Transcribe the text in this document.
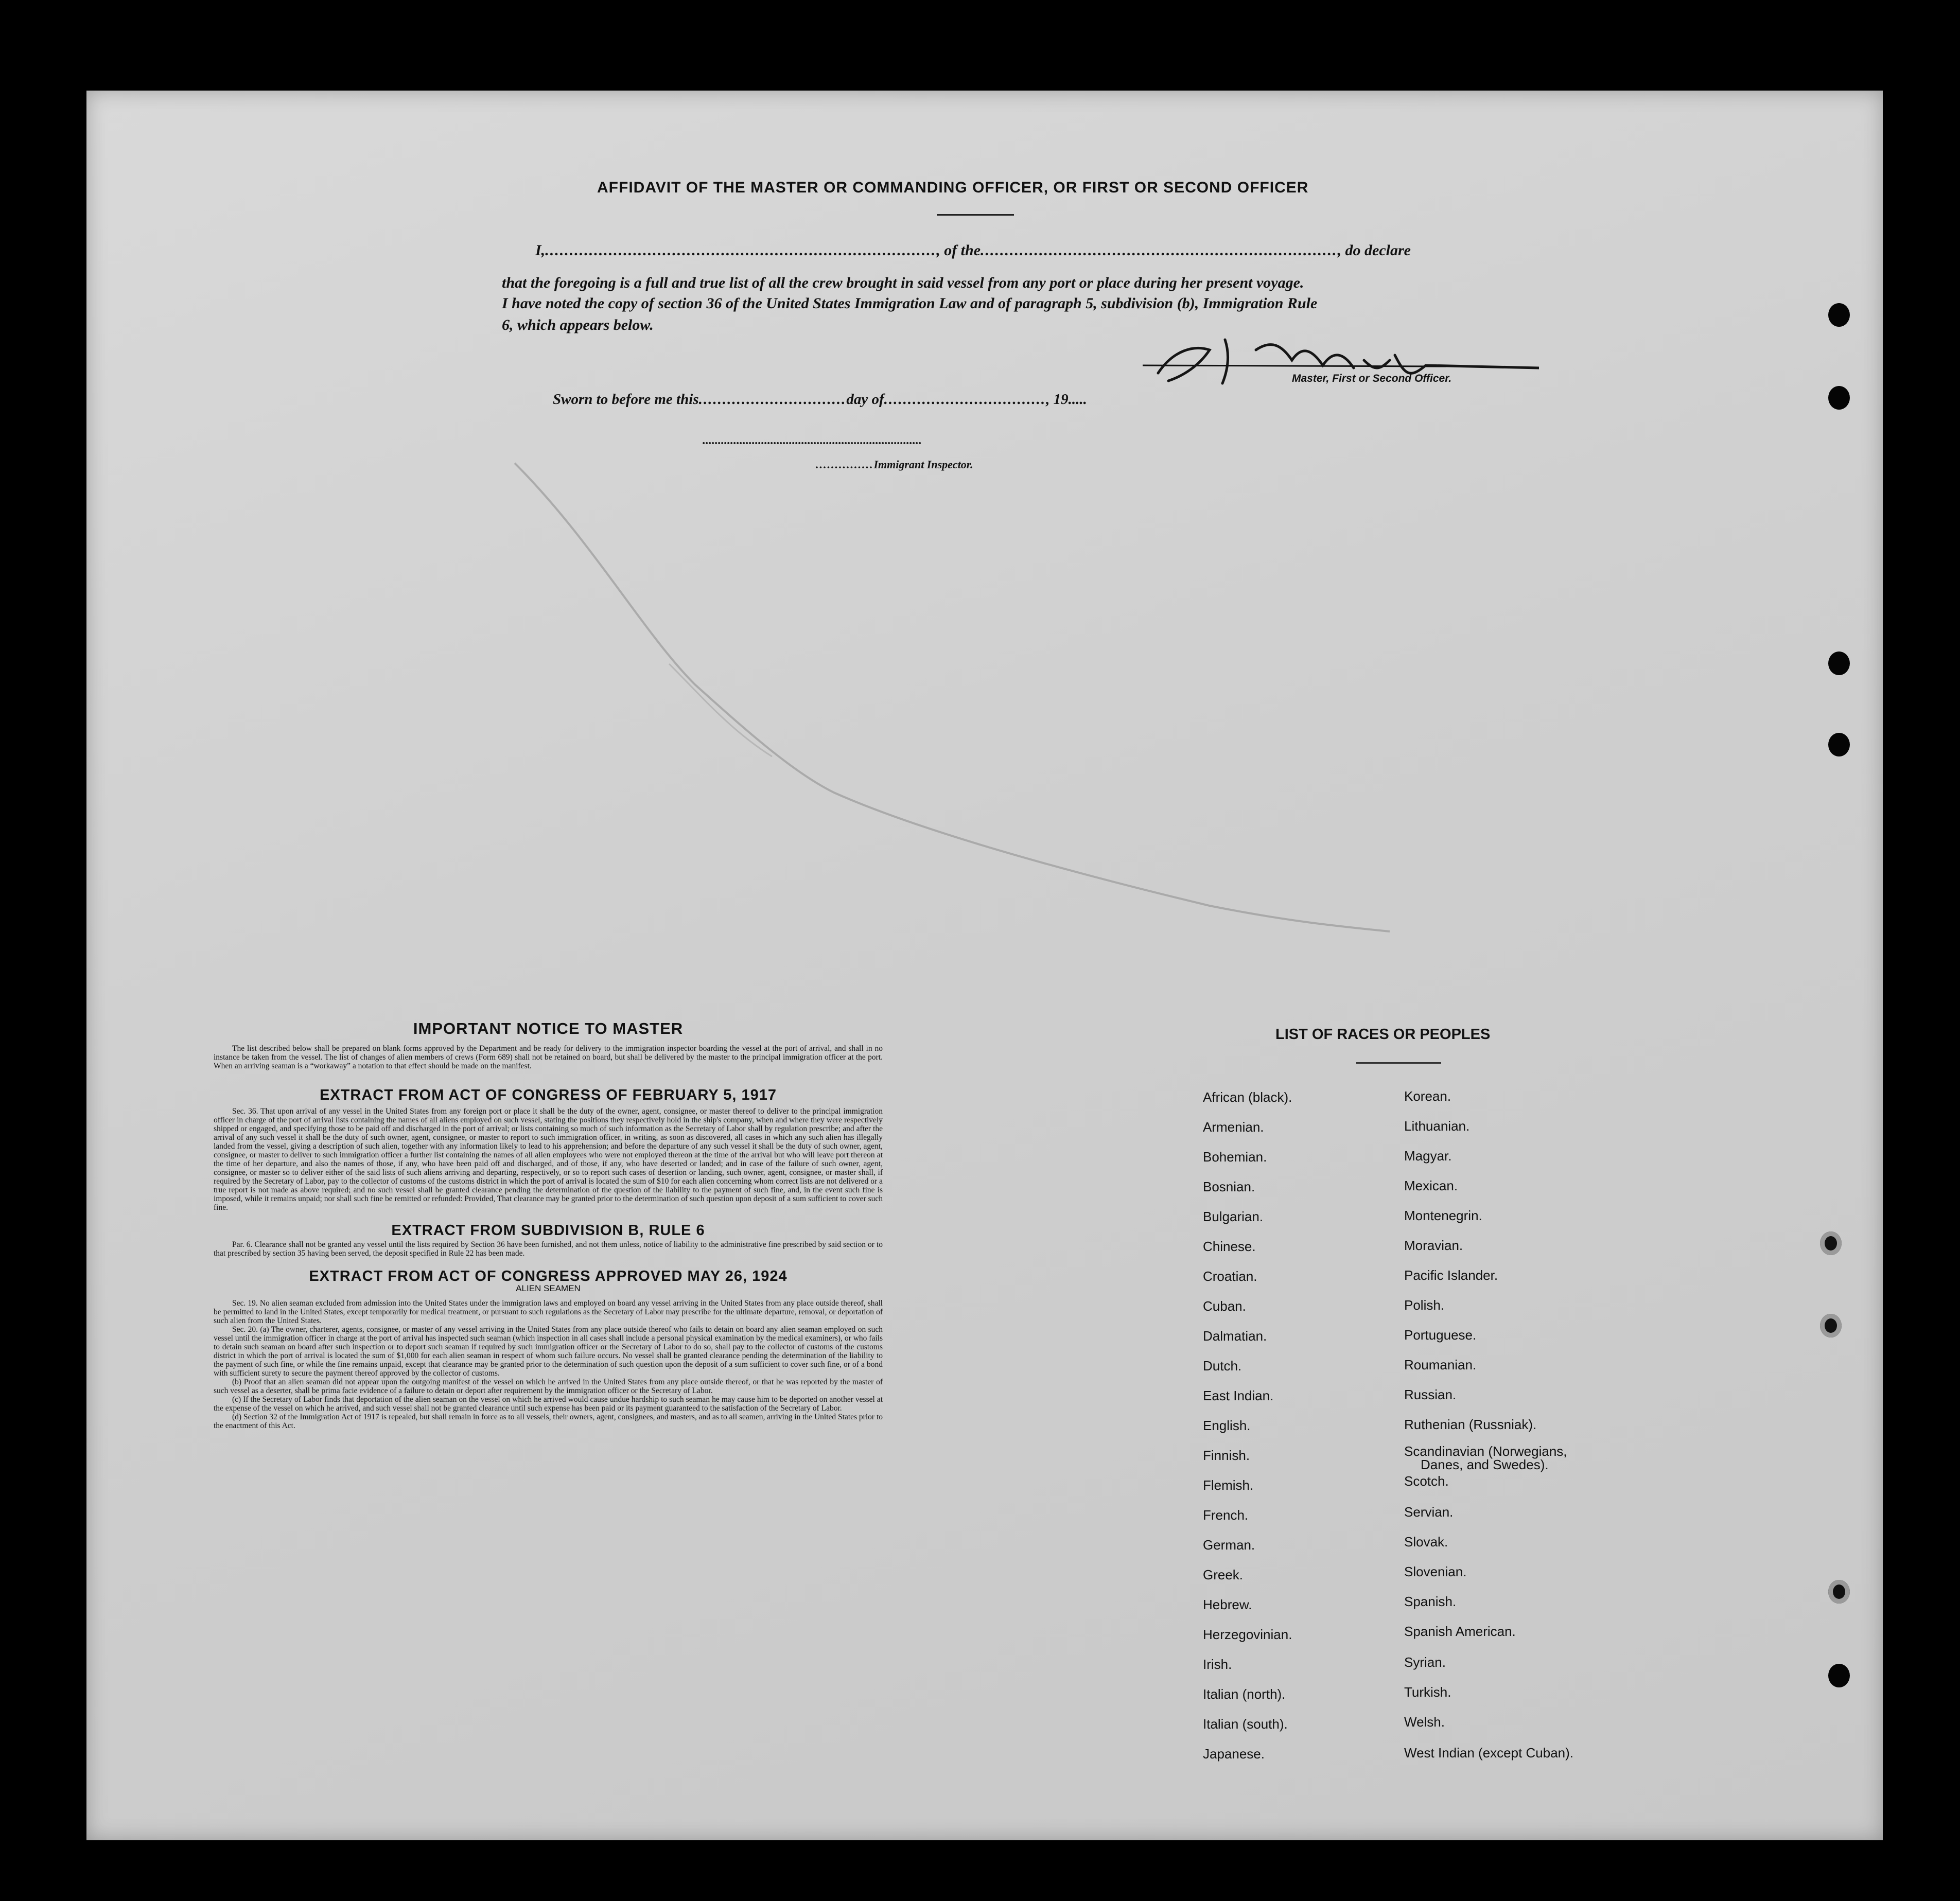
AFFIDAVIT OF THE MASTER OR COMMANDING OFFICER, OR FIRST OR SECOND OFFICER
I,................................................................................, of the........................................................................., do declare
that the foregoing is a full and true list of all the crew brought in said vessel from any port or place during her present voyage.
I have noted the copy of section 36 of the United States Immigration Law and of paragraph 5, subdivision (b), Immigration Rule
6, which appears below.
Master, First or Second Officer.
Sworn to before me this...............................day of.................................., 19.....
.......................................................................
...............Immigrant Inspector.
IMPORTANT NOTICE TO MASTER

The list described below shall be prepared on blank forms approved by the Department and be ready for delivery to the immigration inspector boarding the vessel at the port of arrival, and shall in no instance be taken from the vessel. The list of changes of alien members of crews (Form 689) shall not be retained on board, but shall be delivered by the master to the principal immigration officer at the port. When an arriving seaman is a “workaway” a notation to that effect should be made on the manifest.

EXTRACT FROM ACT OF CONGRESS OF FEBRUARY 5, 1917

Sec. 36. That upon arrival of any vessel in the United States from any foreign port or place it shall be the duty of the owner, agent, consignee, or master thereof to deliver to the principal immigration officer in charge of the port of arrival lists containing the names of all aliens employed on such vessel, stating the positions they respectively hold in the ship's company, when and where they were respectively shipped or engaged, and specifying those to be paid off and discharged in the port of arrival; or lists containing so much of such information as the Secretary of Labor shall by regulation prescribe; and after the arrival of any such vessel it shall be the duty of such owner, agent, consignee, or master to report to such immigration officer, in writing, as soon as discovered, all cases in which any such alien has illegally landed from the vessel, giving a description of such alien, together with any information likely to lead to his apprehension; and before the departure of any such vessel it shall be the duty of such owner, agent, consignee, or master to deliver to such immigration officer a further list containing the names of all alien employees who were not employed thereon at the time of the arrival but who will leave port thereon at the time of her departure, and also the names of those, if any, who have been paid off and discharged, and of those, if any, who have deserted or landed; and in case of the failure of such owner, agent, consignee, or master so to deliver either of the said lists of such aliens arriving and departing, respectively, or so to report such cases of desertion or landing, such owner, agent, consignee, or master shall, if required by the Secretary of Labor, pay to the collector of customs of the customs district in which the port of arrival is located the sum of $10 for each alien concerning whom correct lists are not delivered or a true report is not made as above required; and no such vessel shall be granted clearance pending the determination of the question of the liability to the payment of such fine, and, in the event such fine is imposed, while it remains unpaid; nor shall such fine be remitted or refunded: Provided, That clearance may be granted prior to the determination of such question upon deposit of a sum sufficient to cover such fine.

EXTRACT FROM SUBDIVISION B, RULE 6

Par. 6. Clearance shall not be granted any vessel until the lists required by Section 36 have been furnished, and not them unless, notice of liability to the administrative fine prescribed by said section or to that prescribed by section 35 having been served, the deposit specified in Rule 22 has been made.

EXTRACT FROM ACT OF CONGRESS APPROVED MAY 26, 1924
ALIEN SEAMEN

Sec. 19. No alien seaman excluded from admission into the United States under the immigration laws and employed on board any vessel arriving in the United States from any place outside thereof, shall be permitted to land in the United States, except temporarily for medical treatment, or pursuant to such regulations as the Secretary of Labor may prescribe for the ultimate departure, removal, or deportation of such alien from the United States.

Sec. 20. (a) The owner, charterer, agents, consignee, or master of any vessel arriving in the United States from any place outside thereof who fails to detain on board any alien seaman employed on such vessel until the immigration officer in charge at the port of arrival has inspected such seaman (which inspection in all cases shall include a personal physical examination by the medical examiners), or who fails to detain such seaman on board after such inspection or to deport such seaman if required by such immigration officer or the Secretary of Labor to do so, shall pay to the collector of customs of the customs district in which the port of arrival is located the sum of $1,000 for each alien seaman in respect of whom such failure occurs. No vessel shall be granted clearance pending the determination of the liability to the payment of such fine, or while the fine remains unpaid, except that clearance may be granted prior to the determination of such question upon the deposit of a sum sufficient to cover such fine, or of a bond with sufficient surety to secure the payment thereof approved by the collector of customs.

(b) Proof that an alien seaman did not appear upon the outgoing manifest of the vessel on which he arrived in the United States from any place outside thereof, or that he was reported by the master of such vessel as a deserter, shall be prima facie evidence of a failure to detain or deport after requirement by the immigration officer or the Secretary of Labor.

(c) If the Secretary of Labor finds that deportation of the alien seaman on the vessel on which he arrived would cause undue hardship to such seaman he may cause him to be deported on another vessel at the expense of the vessel on which he arrived, and such vessel shall not be granted clearance until such expense has been paid or its payment guaranteed to the satisfaction of the Secretary of Labor.

(d) Section 32 of the Immigration Act of 1917 is repealed, but shall remain in force as to all vessels, their owners, agent, consignees, and masters, and as to all seamen, arriving in the United States prior to the enactment of this Act.

LIST OF RACES OR PEOPLES
African (black).
Armenian.
Bohemian.
Bosnian.
Bulgarian.
Chinese.
Croatian.
Cuban.
Dalmatian.
Dutch.
East Indian.
English.
Finnish.
Flemish.
French.
German.
Greek.
Hebrew.
Herzegovinian.
Irish.
Italian (north).
Italian (south).
Japanese.
Korean.
Lithuanian.
Magyar.
Mexican.
Montenegrin.
Moravian.
Pacific Islander.
Polish.
Portuguese.
Roumanian.
Russian.
Ruthenian (Russniak).
Scandinavian (Norwegians,
Danes, and Swedes).
Scotch.
Servian.
Slovak.
Slovenian.
Spanish.
Spanish American.
Syrian.
Turkish.
Welsh.
West Indian (except Cuban).
